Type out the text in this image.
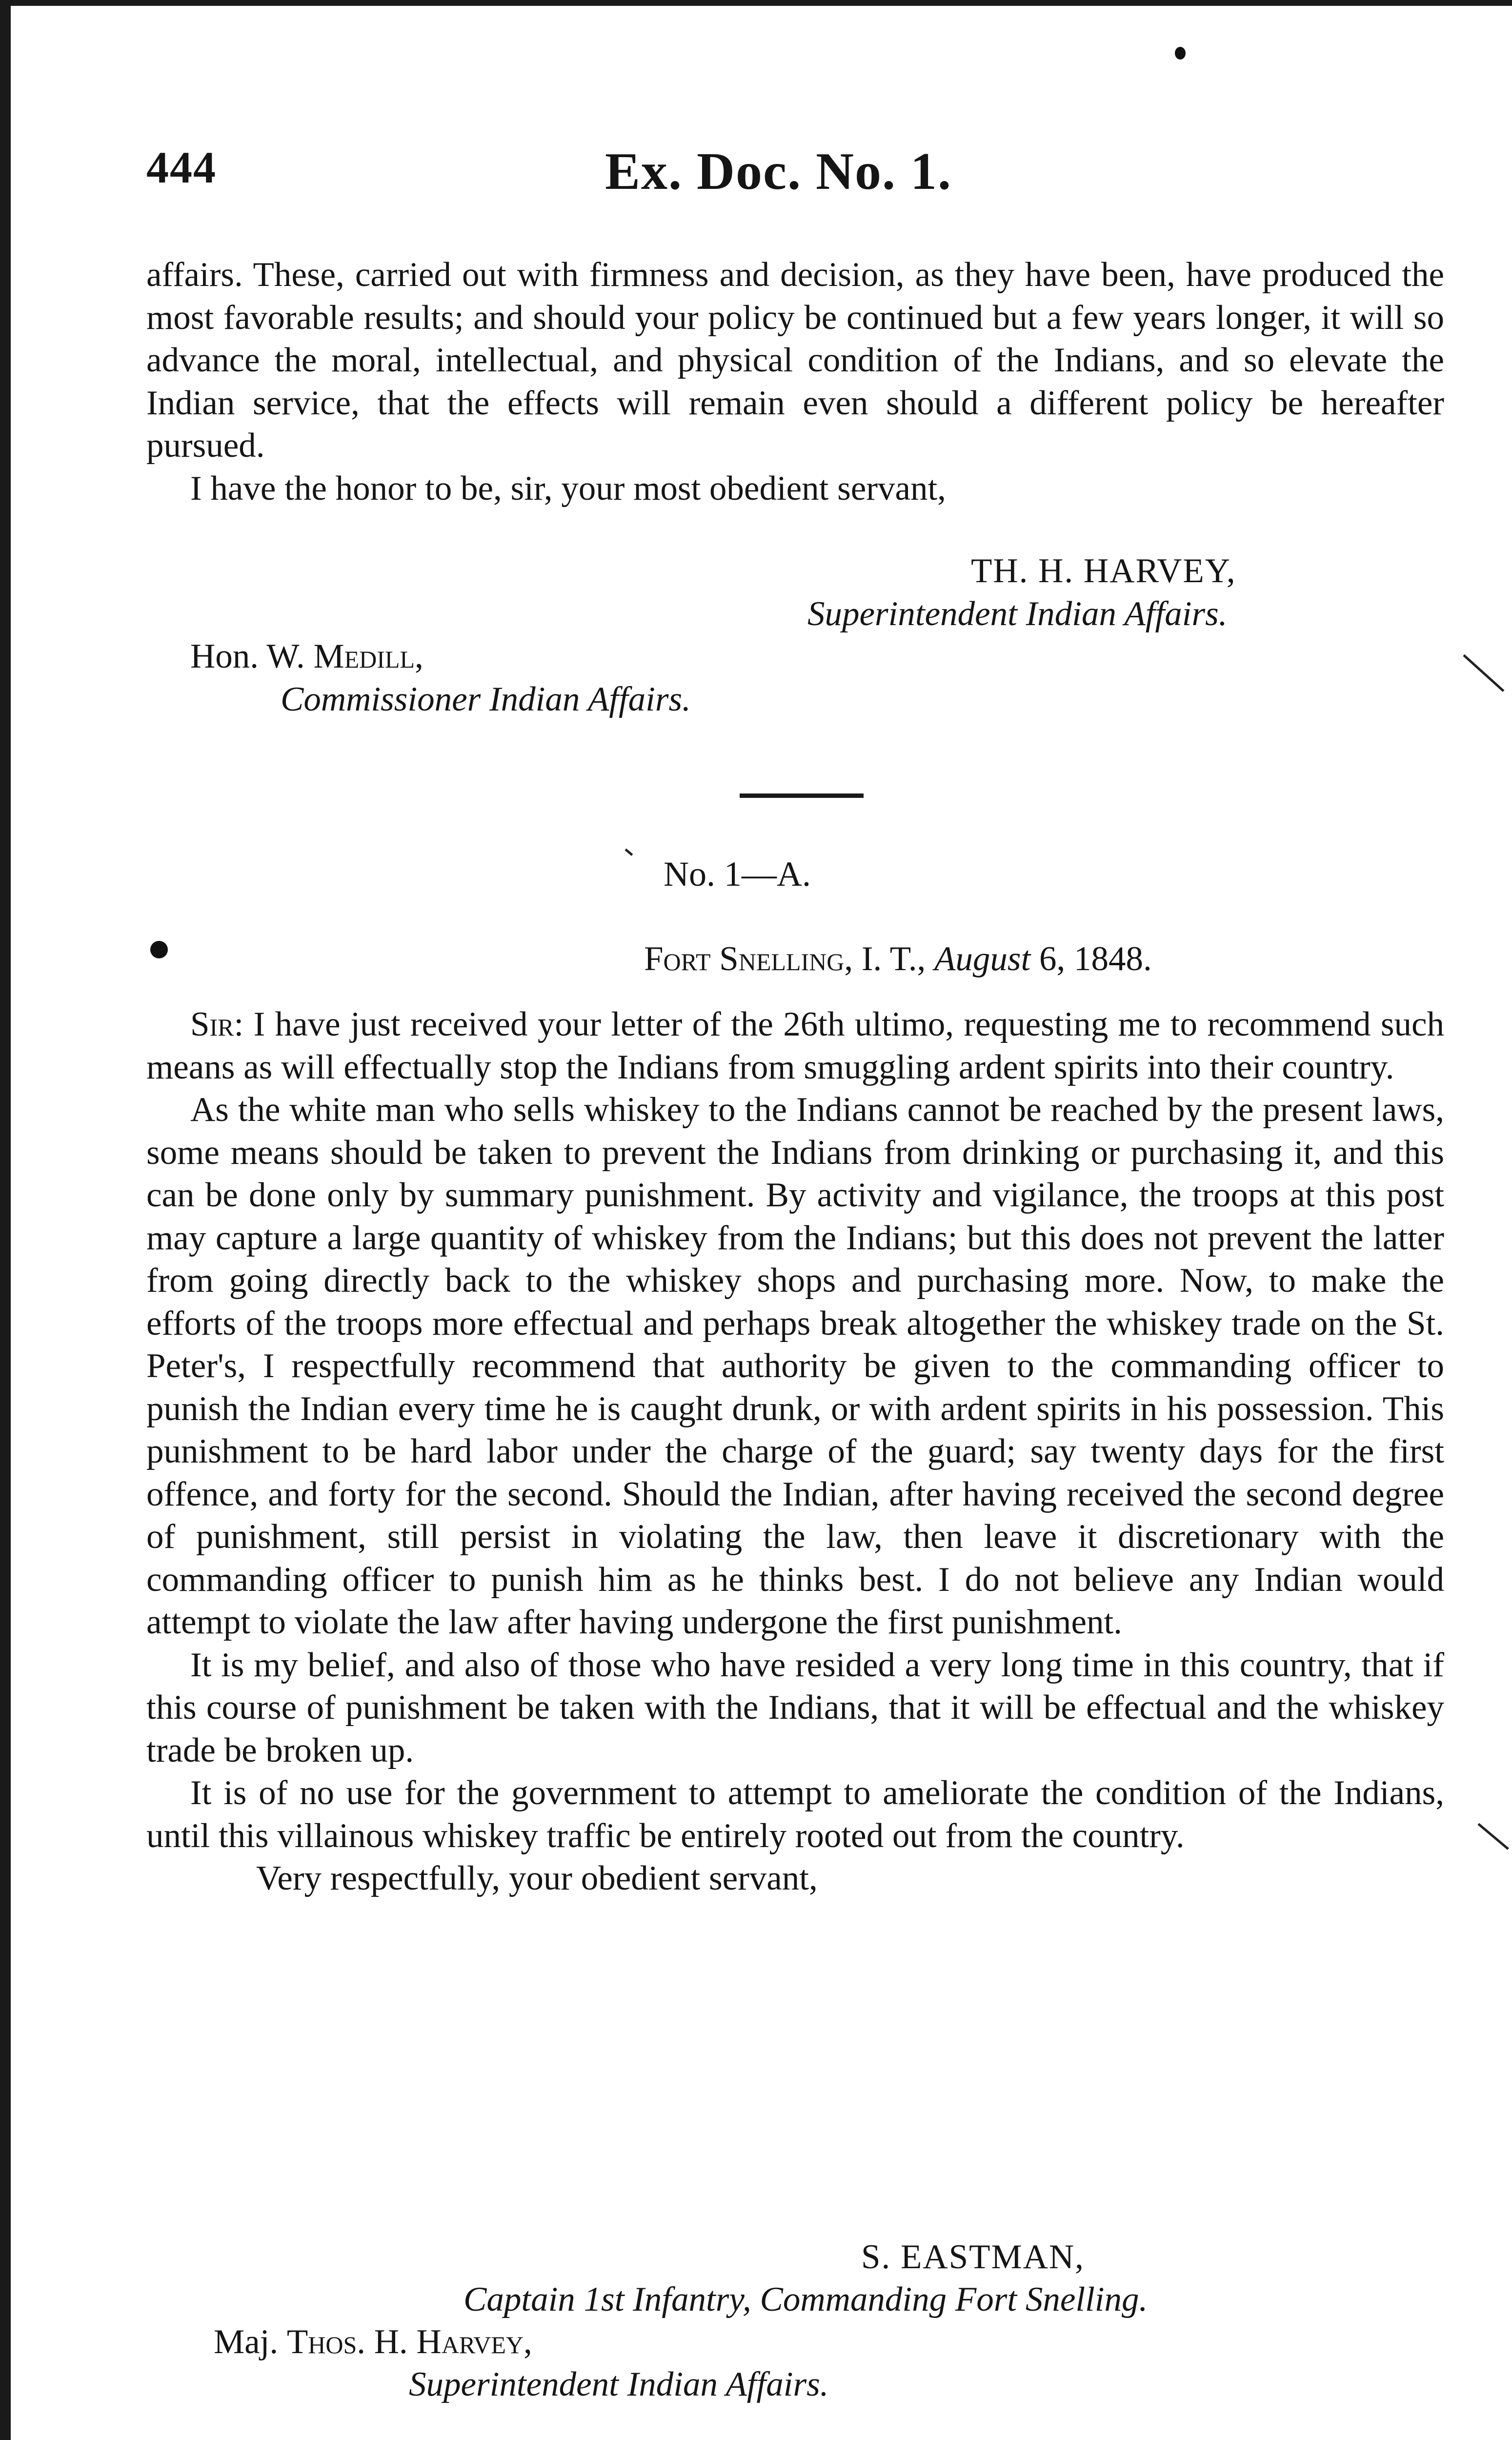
444	Ex. Doc. No. 1.

affairs. These, carried out with firmness and decision, as they have been, have produced the most favorable results; and should your policy be continued but a few years longer, it will so advance the moral, intellectual, and physical condition of the Indians, and so elevate the Indian service, that the effects will remain even should a different policy be hereafter pursued.

I have the honor to be, sir, your most obedient servant,

TH. H. HARVEY,
Superintendent Indian Affairs.
Hon. W. Medill,
Commissioner Indian Affairs.
No. 1—A.
Fort Snelling, I. T., August 6, 1848.

Sir: I have just received your letter of the 26th ultimo, requesting me to recommend such means as will effectually stop the Indians from smuggling ardent spirits into their country.

As the white man who sells whiskey to the Indians cannot be reached by the present laws, some means should be taken to prevent the Indians from drinking or purchasing it, and this can be done only by summary punishment. By activity and vigilance, the troops at this post may capture a large quantity of whiskey from the Indians; but this does not prevent the latter from going directly back to the whiskey shops and purchasing more. Now, to make the efforts of the troops more effectual and perhaps break altogether the whiskey trade on the St. Peter's, I respectfully recommend that authority be given to the commanding officer to punish the Indian every time he is caught drunk, or with ardent spirits in his possession. This punishment to be hard labor under the charge of the guard; say twenty days for the first offence, and forty for the second. Should the Indian, after having received the second degree of punishment, still persist in violating the law, then leave it discretionary with the commanding officer to punish him as he thinks best. I do not believe any Indian would attempt to violate the law after having undergone the first punishment.

It is my belief, and also of those who have resided a very long time in this country, that if this course of punishment be taken with the Indians, that it will be effectual and the whiskey trade be broken up.

It is of no use for the government to attempt to ameliorate the condition of the Indians, until this villainous whiskey traffic be entirely rooted out from the country.

Very respectfully, your obedient servant,

S. EASTMAN,
Captain 1st Infantry, Commanding Fort Snelling.
Maj. Thos. H. Harvey,
Superintendent Indian Affairs.
